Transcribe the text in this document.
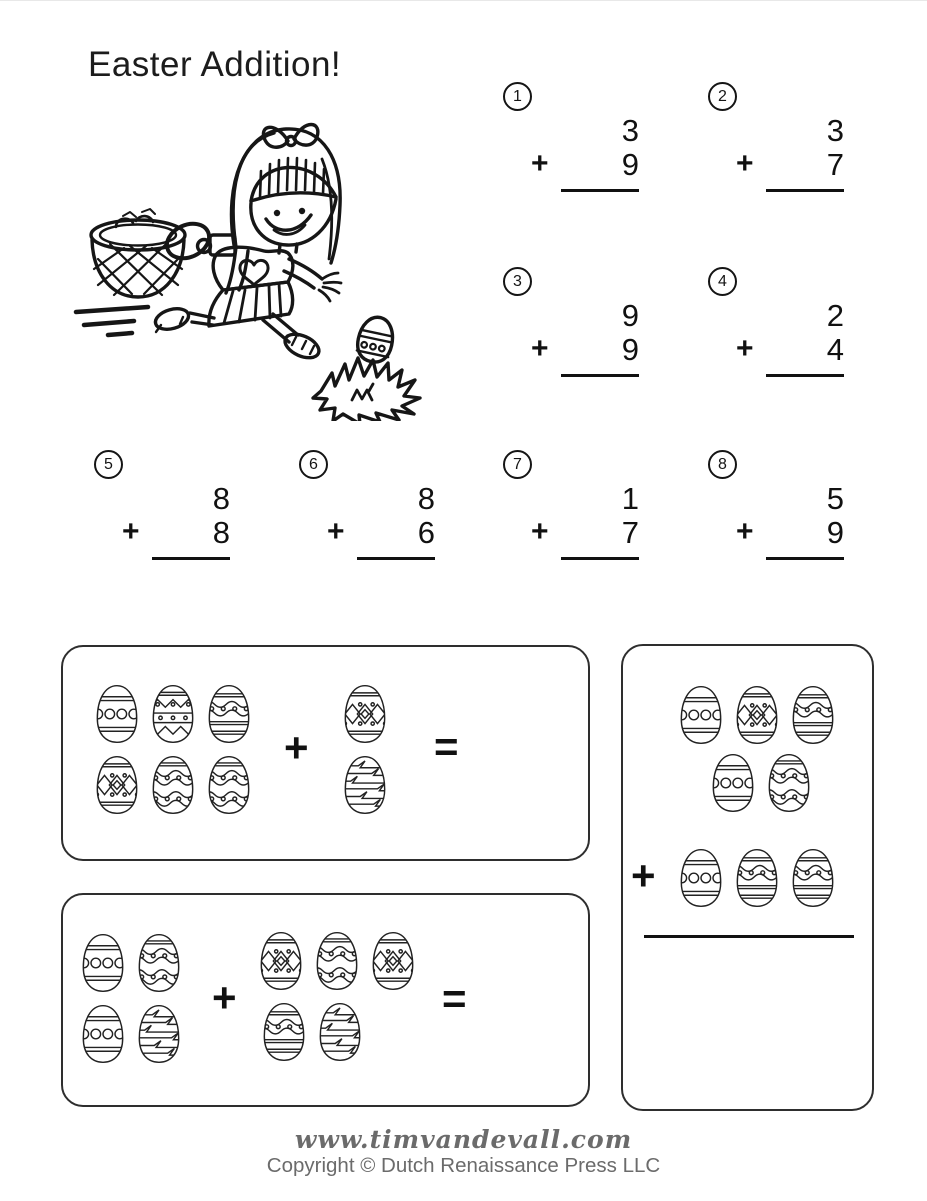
Easter Addition!
1
3
+ 9
2
3
+ 7
3
9
+ 9
4
2
+ 4
5
8
+ 8
6
8
+ 6
7
1
+ 7
8
5
+ 9
+	=
+	=
+
www.timvandevall.com
Copyright © Dutch Renaissance Press LLC
